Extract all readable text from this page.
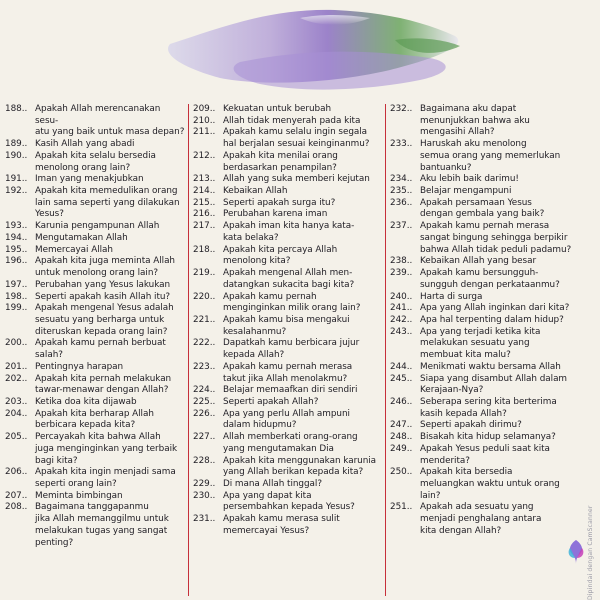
188.. Apakah Allah merencanakan sesu-
atu yang baik untuk masa depan?

189.. Kasih Allah yang abadi

190.. Apakah kita selalu bersedia
menolong orang lain?

191.. Iman yang menakjubkan

192.. Apakah kita memedulikan orang
lain sama seperti yang dilakukan
Yesus?

193.. Karunia pengampunan Allah

194.. Mengutamakan Allah

195.. Memercayai Allah

196.. Apakah kita juga meminta Allah
untuk menolong orang lain?

197.. Perubahan yang Yesus lakukan

198.. Seperti apakah kasih Allah itu?

199.. Apakah mengenal Yesus adalah
sesuatu yang berharga untuk
diteruskan kepada orang lain?

200.. Apakah kamu pernah berbuat
salah?

201.. Pentingnya harapan

202.. Apakah kita pernah melakukan
tawar-menawar dengan Allah?

203.. Ketika doa kita dijawab

204.. Apakah kita berharap Allah
berbicara kepada kita?

205.. Percayakah kita bahwa Allah
juga menginginkan yang terbaik
bagi kita?

206.. Apakah kita ingin menjadi sama
seperti orang lain?

207.. Meminta bimbingan

208.. Bagaimana tanggapanmu
jika Allah memanggilmu untuk
melakukan tugas yang sangat
penting?

209.. Kekuatan untuk berubah

210.. Allah tidak menyerah pada kita

211.. Apakah kamu selalu ingin segala
hal berjalan sesuai keinginanmu?

212.. Apakah kita menilai orang
berdasarkan penampilan?

213.. Allah yang suka memberi kejutan

214.. Kebaikan Allah

215.. Seperti apakah surga itu?

216.. Perubahan karena iman

217.. Apakah iman kita hanya kata-
kata belaka?

218.. Apakah kita percaya Allah
menolong kita?

219.. Apakah mengenal Allah men-
datangkan sukacita bagi kita?

220.. Apakah kamu pernah
menginginkan milik orang lain?

221.. Apakah kamu bisa mengakui
kesalahanmu?

222.. Dapatkah kamu berbicara jujur
kepada Allah?

223.. Apakah kamu pernah merasa
takut jika Allah menolakmu?

224.. Belajar memaafkan diri sendiri

225.. Seperti apakah Allah?

226.. Apa yang perlu Allah ampuni
dalam hidupmu?

227.. Allah memberkati orang-orang
yang mengutamakan Dia

228.. Apakah kita menggunakan karunia
yang Allah berikan kepada kita?

229.. Di mana Allah tinggal?

230.. Apa yang dapat kita
persembahkan kepada Yesus?

231.. Apakah kamu merasa sulit
memercayai Yesus?

232.. Bagaimana aku dapat
menunjukkan bahwa aku
mengasihi Allah?

233.. Haruskah aku menolong
semua orang yang memerlukan
bantuanku?

234.. Aku lebih baik darimu!

235.. Belajar mengampuni

236.. Apakah persamaan Yesus
dengan gembala yang baik?

237.. Apakah kamu pernah merasa
sangat bingung sehingga berpikir
bahwa Allah tidak peduli padamu?

238.. Kebaikan Allah yang besar

239.. Apakah kamu bersungguh-
sungguh dengan perkataanmu?

240.. Harta di surga

241.. Apa yang Allah inginkan dari kita?

242.. Apa hal terpenting dalam hidup?

243.. Apa yang terjadi ketika kita
melakukan sesuatu yang
membuat kita malu?

244.. Menikmati waktu bersama Allah

245.. Siapa yang disambut Allah dalam
Kerajaan-Nya?

246.. Seberapa sering kita berterima
kasih kepada Allah?

247.. Seperti apakah dirimu?

248.. Bisakah kita hidup selamanya?

249.. Apakah Yesus peduli saat kita
menderita?

250.. Apakah kita bersedia
meluangkan waktu untuk orang
lain?

251.. Apakah ada sesuatu yang
menjadi penghalang antara
kita dengan Allah?	Dipindai dengan CamScanner
